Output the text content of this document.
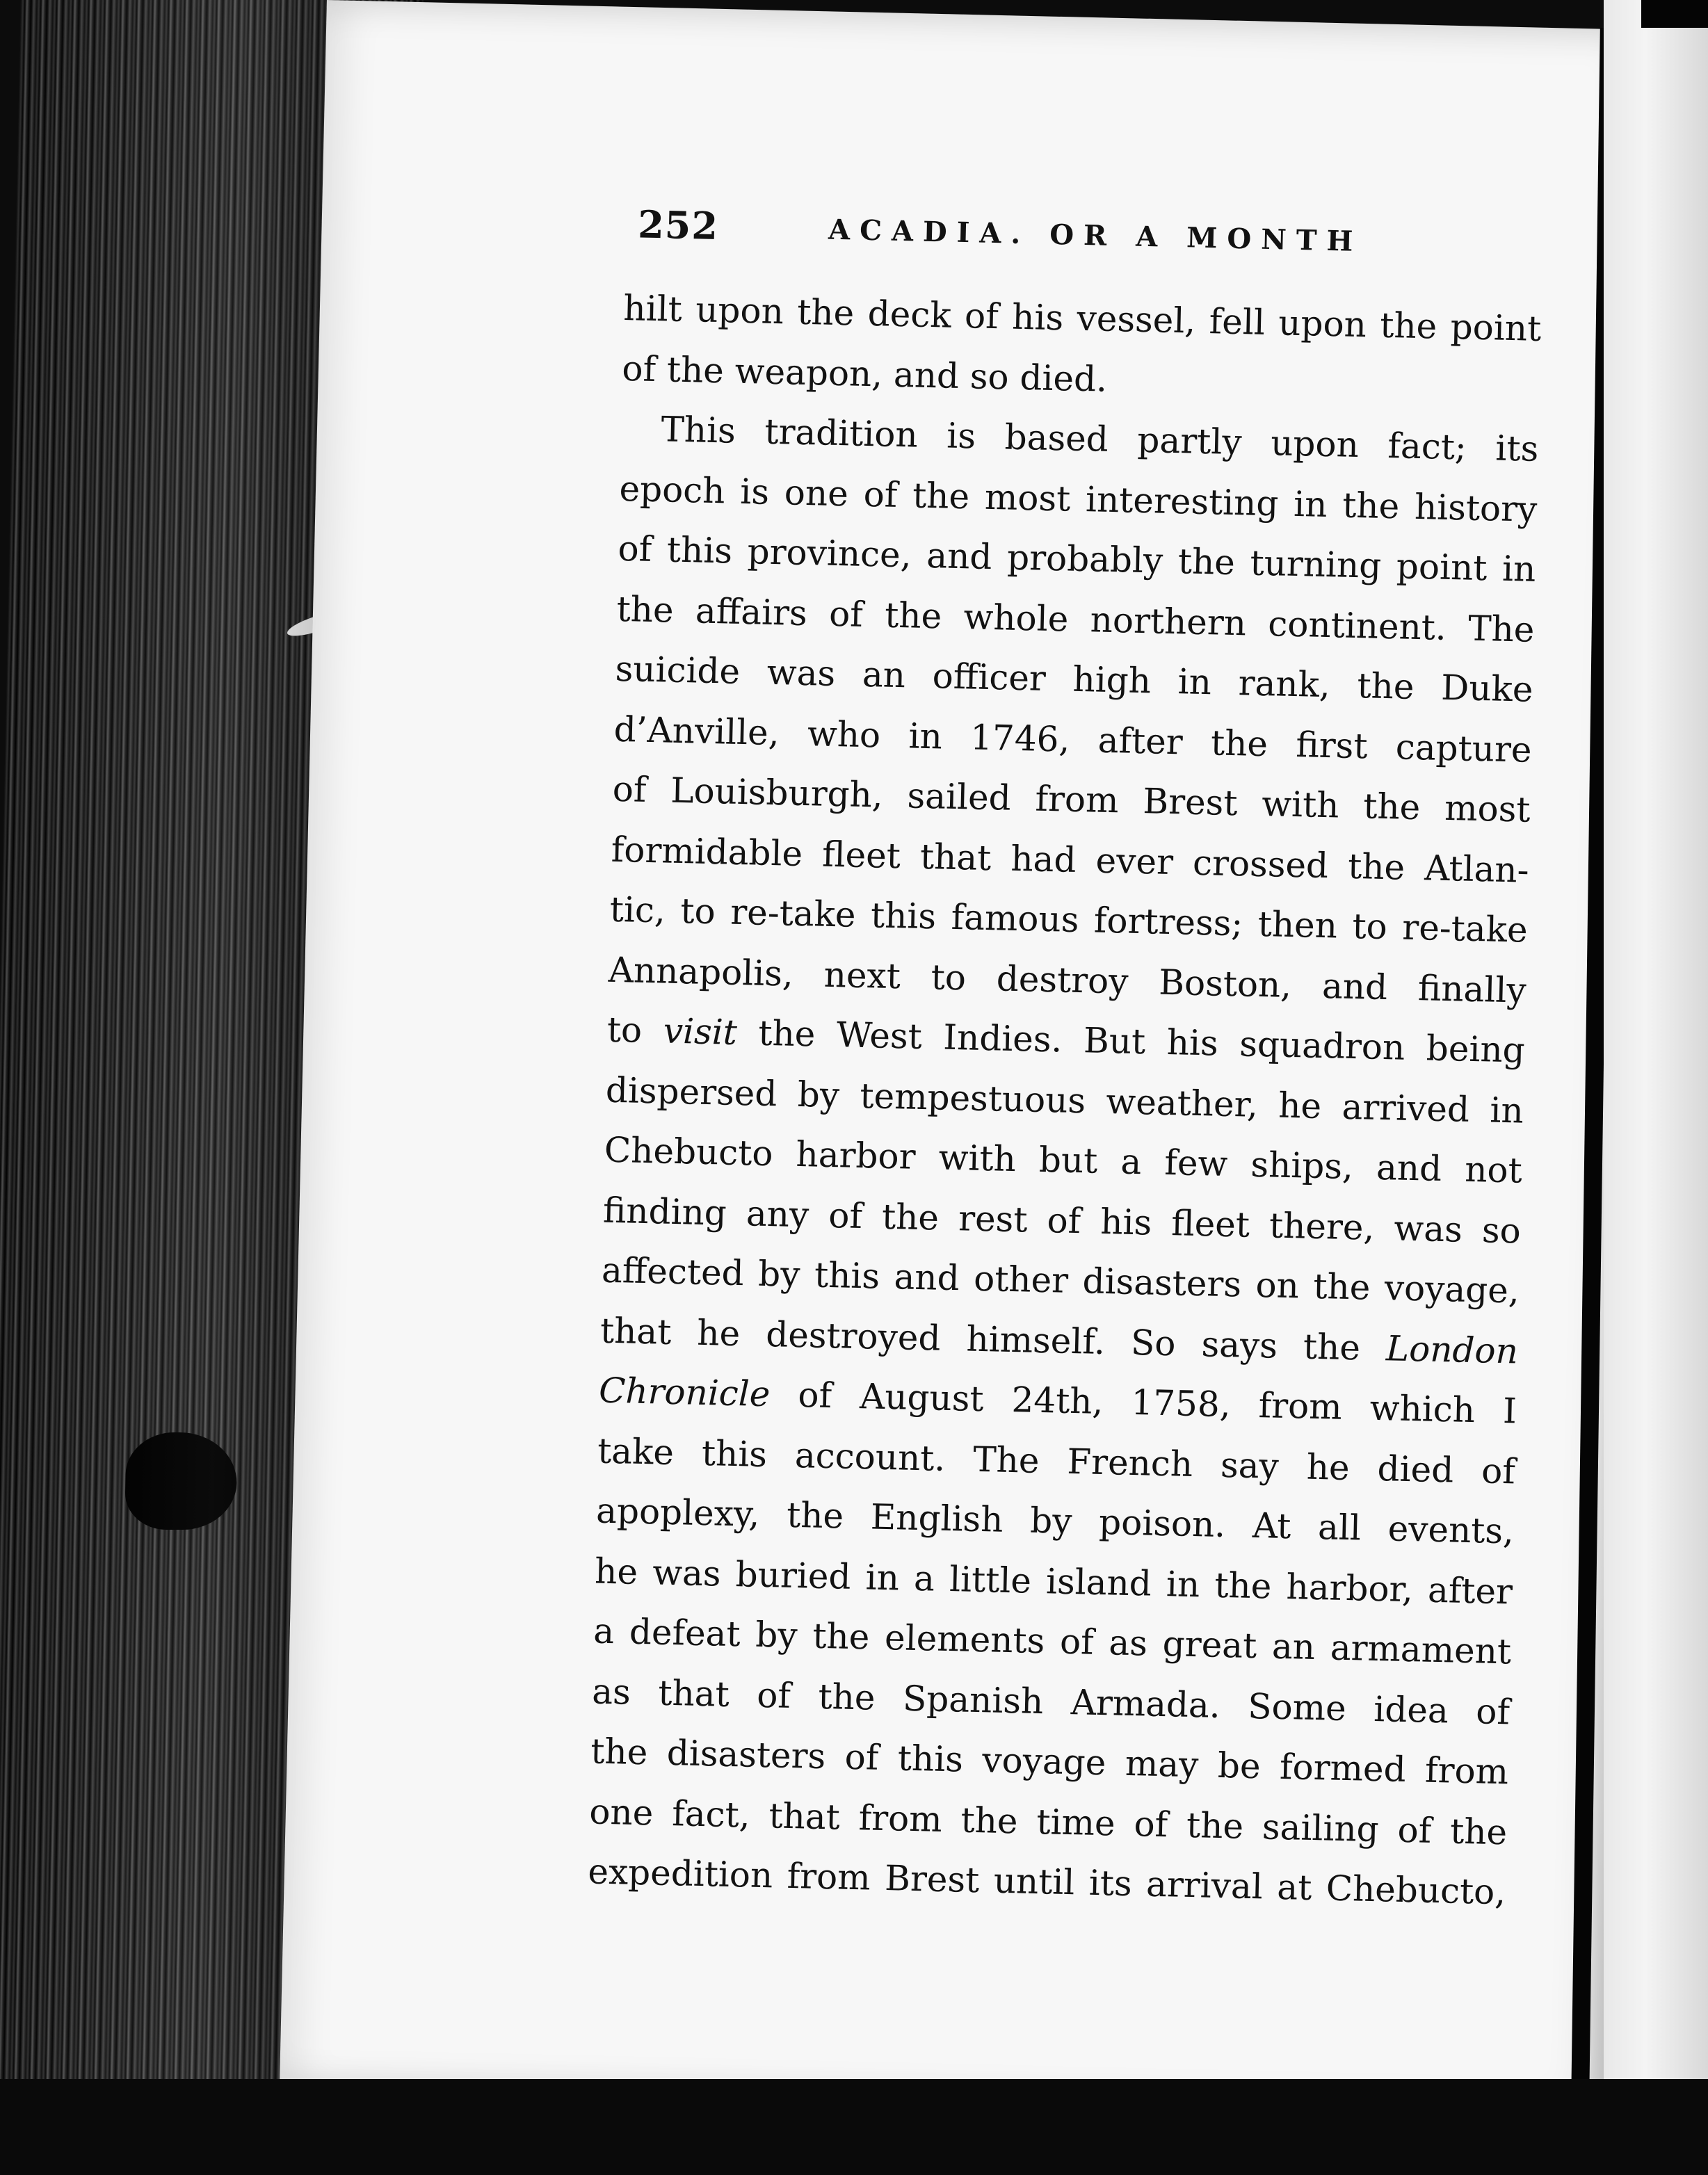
252	ACADIA. OR A MONTH
hilt upon the deck of his vessel, fell upon the point
of the weapon, and so died.
This tradition is based partly upon fact; its
epoch is one of the most interesting in the history
of this province, and probably the turning point in
the affairs of the whole northern continent. The
suicide was an officer high in rank, the Duke
d’Anville, who in 1746, after the first capture
of Louisburgh, sailed from Brest with the most
formidable fleet that had ever crossed the Atlan-
tic, to re-take this famous fortress; then to re-take
Annapolis, next to destroy Boston, and finally
to visit the West Indies. But his squadron being
dispersed by tempestuous weather, he arrived in
Chebucto harbor with but a few ships, and not
finding any of the rest of his fleet there, was so
affected by this and other disasters on the voyage,
that he destroyed himself. So says the London
Chronicle of August 24th, 1758, from which I
take this account. The French say he died of
apoplexy, the English by poison. At all events,
he was buried in a little island in the harbor, after
a defeat by the elements of as great an armament
as that of the Spanish Armada. Some idea of
the disasters of this voyage may be formed from
one fact, that from the time of the sailing of the
expedition from Brest until its arrival at Chebucto,
